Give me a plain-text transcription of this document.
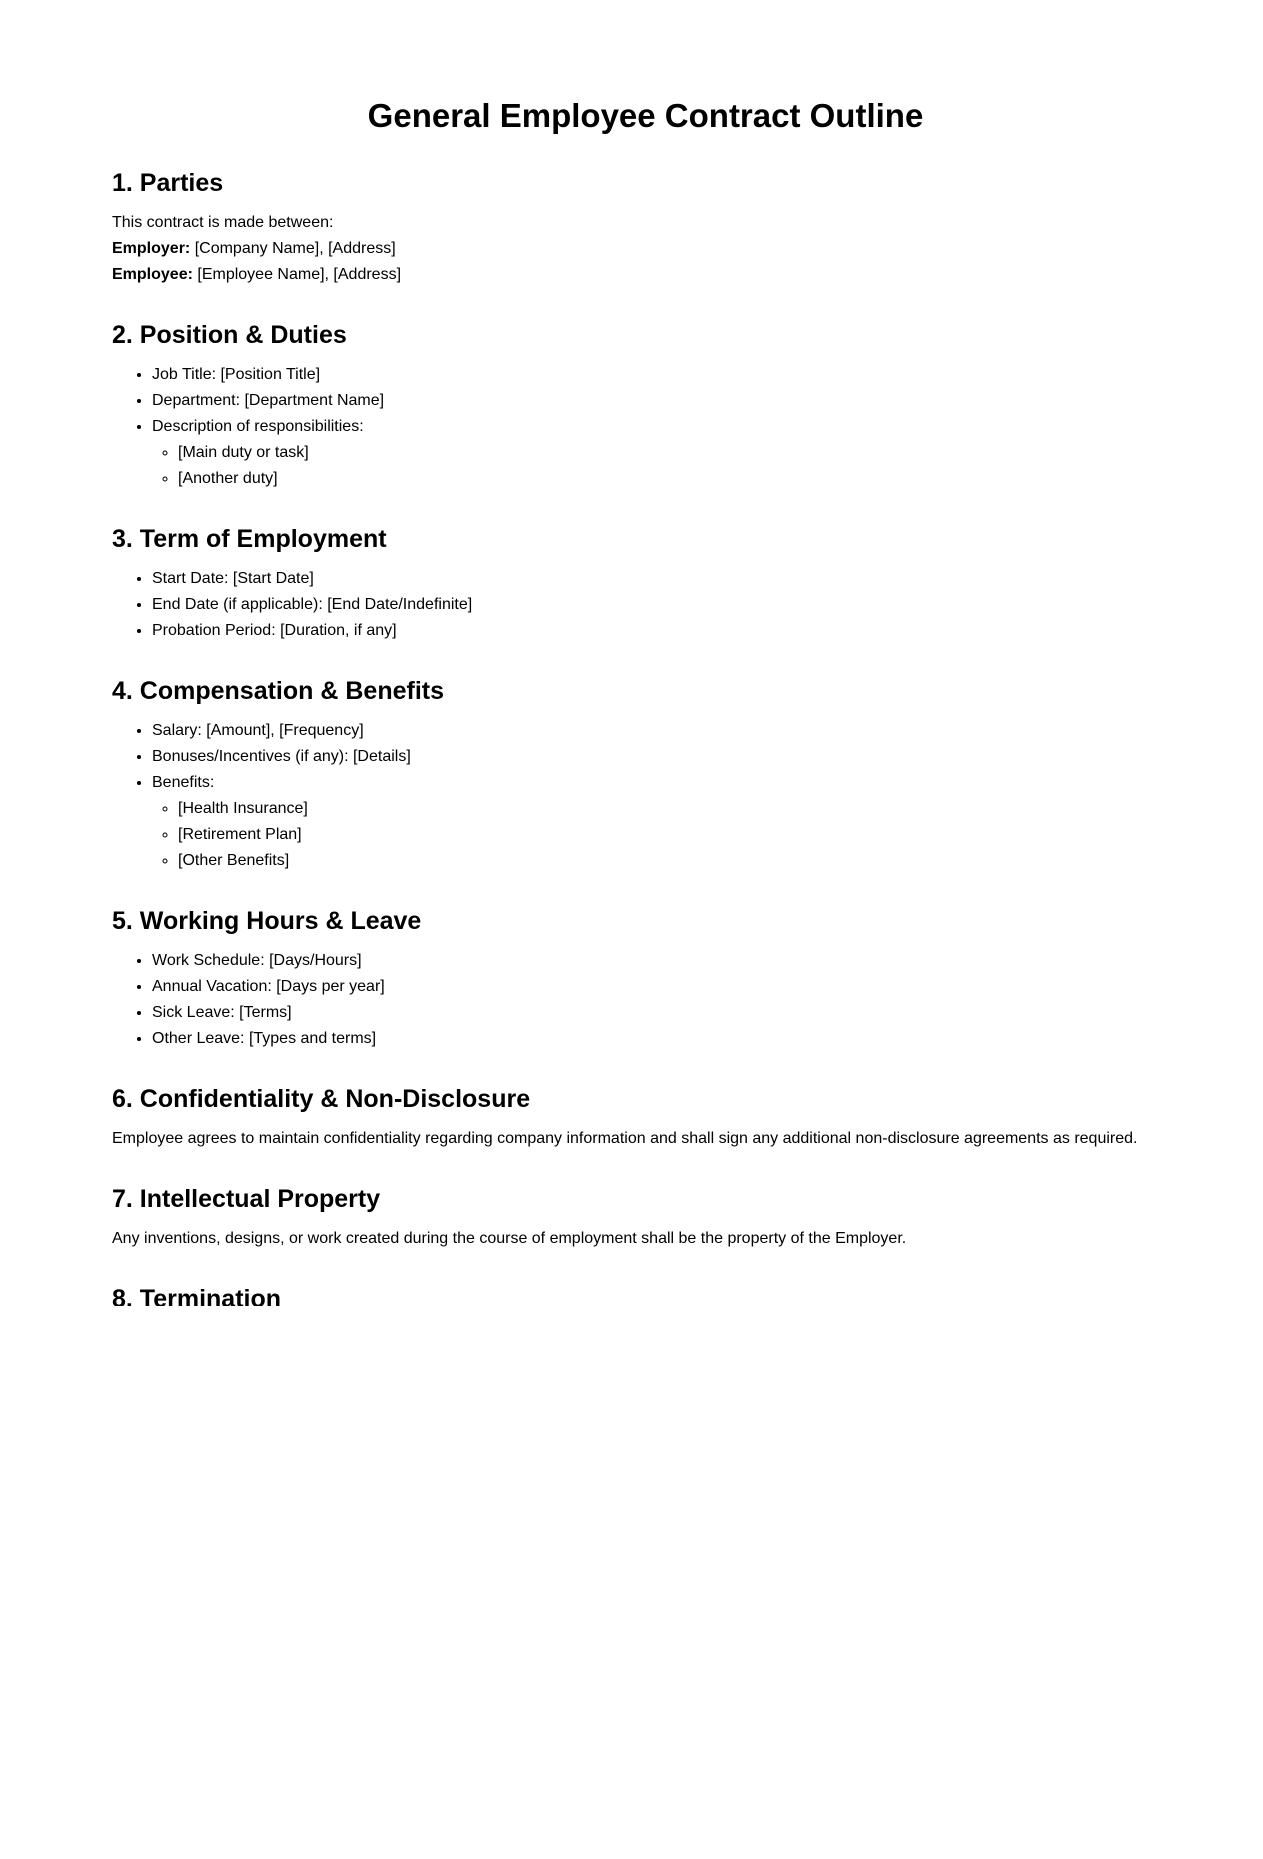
General Employee Contract Outline
1. Parties

This contract is made between:
Employer: [Company Name], [Address]
Employee: [Employee Name], [Address]

2. Position & Duties
• Job Title: [Position Title]
• Department: [Department Name]
• Description of responsibilities:
◦ [Main duty or task]
◦ [Another duty]
3. Term of Employment
• Start Date: [Start Date]
• End Date (if applicable): [End Date/Indefinite]
• Probation Period: [Duration, if any]
4. Compensation & Benefits
• Salary: [Amount], [Frequency]
• Bonuses/Incentives (if any): [Details]
• Benefits:
◦ [Health Insurance]
◦ [Retirement Plan]
◦ [Other Benefits]
5. Working Hours & Leave
• Work Schedule: [Days/Hours]
• Annual Vacation: [Days per year]
• Sick Leave: [Terms]
• Other Leave: [Types and terms]
6. Confidentiality & Non-Disclosure

Employee agrees to maintain confidentiality regarding company information and shall sign any additional non-disclosure agreements as required.

7. Intellectual Property

Any inventions, designs, or work created during the course of employment shall be the property of the Employer.

8. Termination
